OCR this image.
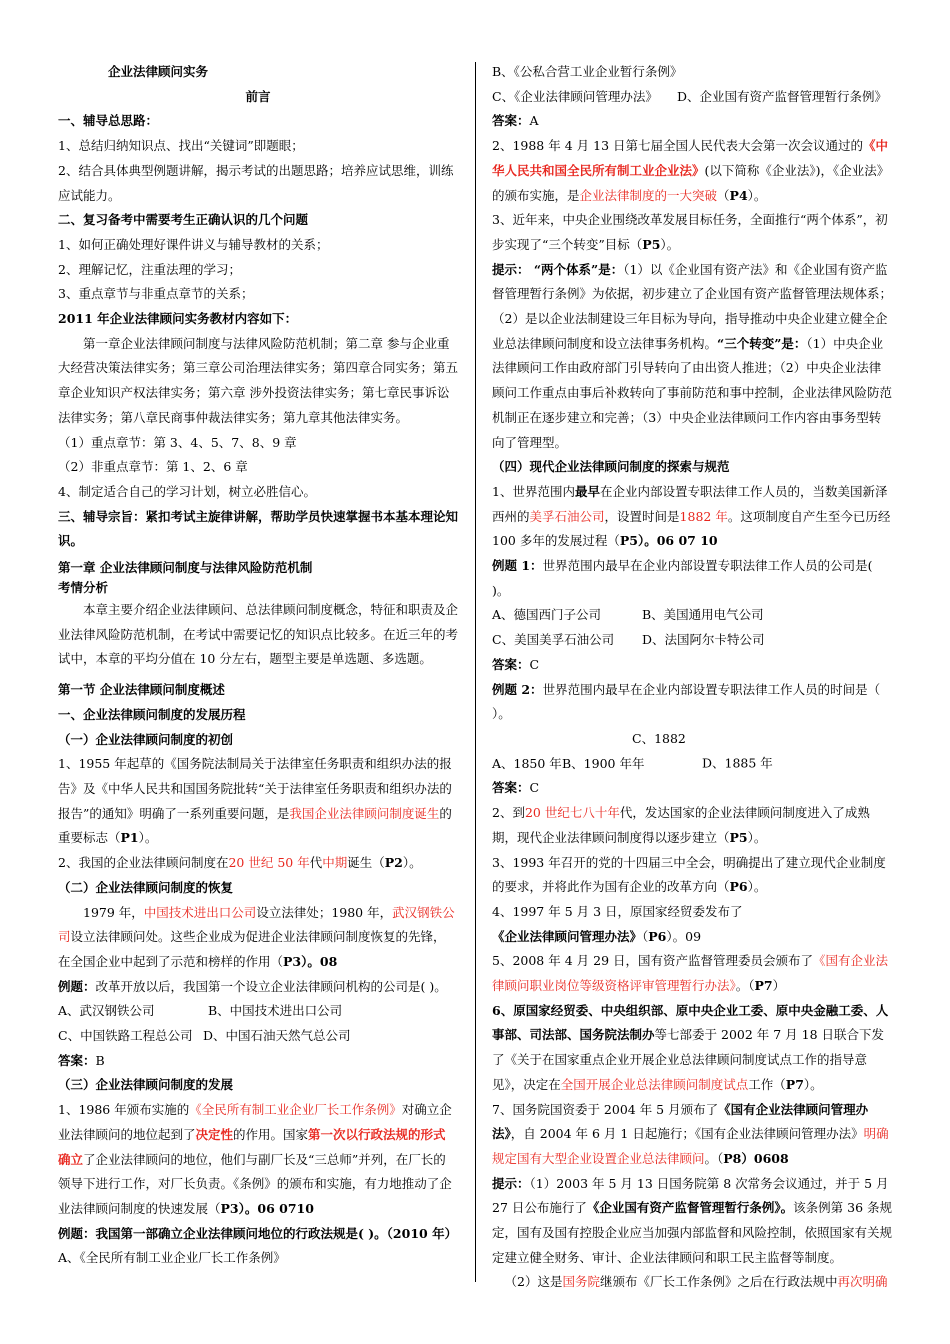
企业法律顾问实务

前言

一、辅导总思路：

1、总结归纳知识点、找出“关键词”即题眼；

2、结合具体典型例题讲解，揭示考试的出题思路；培养应试思维，训练应试能力。

二、复习备考中需要考生正确认识的几个问题

1、如何正确处理好课件讲义与辅导教材的关系；

2、理解记忆，注重法理的学习；

3、重点章节与非重点章节的关系；

2011 年企业法律顾问实务教材内容如下：

第一章企业法律顾问制度与法律风险防范机制；第二章 参与企业重大经营决策法律实务；第三章公司治理法律实务；第四章合同实务；第五章企业知识产权法律实务；第六章 涉外投资法律实务；第七章民事诉讼法律实务；第八章民商事仲裁法律实务；第九章其他法律实务。

（1）重点章节：第 3、4、5、7、8、9 章

（2）非重点章节：第 1、2、6 章

4、制定适合自己的学习计划，树立必胜信心。

三、辅导宗旨：紧扣考试主旋律讲解，帮助学员快速掌握书本基本理论知识。

第一章 企业法律顾问制度与法律风险防范机制

考情分析

本章主要介绍企业法律顾问、总法律顾问制度概念，特征和职责及企业法律风险防范机制，在考试中需要记忆的知识点比较多。在近三年的考试中，本章的平均分值在 10 分左右，题型主要是单选题、多选题。

第一节 企业法律顾问制度概述

一、企业法律顾问制度的发展历程

（一）企业法律顾问制度的初创

1、1955 年起草的《国务院法制局关于法律室任务职责和组织办法的报告》及《中华人民共和国国务院批转“关于法律室任务职责和组织办法的报告”的通知》明确了一系列重要问题，是我国企业法律顾问制度诞生的重要标志（P1）。

2、我国的企业法律顾问制度在20 世纪 50 年代中期诞生（P2）。

（二）企业法律顾问制度的恢复

1979 年，中国技术进出口公司设立法律处；1980 年，武汉钢铁公司设立法律顾问处。这些企业成为促进企业法律顾问制度恢复的先锋，在全国企业中起到了示范和榜样的作用（P3）。08

例题：改革开放以后，我国第一个设立企业法律顾问机构的公司是( )。

A、武汉钢铁公司	B、中国技术进出口公司

C、中国铁路工程总公司 D、中国石油天然气总公司

答案：B

（三）企业法律顾问制度的发展

1、1986 年颁布实施的《全民所有制工业企业厂长工作条例》对确立企业法律顾问的地位起到了决定性的作用。国家第一次以行政法规的形式确立了企业法律顾问的地位，他们与副厂长及“三总师”并列，在厂长的领导下进行工作，对厂长负责。《条例》的颁布和实施，有力地推动了企业法律顾问制度的快速发展（P3）。06 0710

例题：我国第一部确立企业法律顾问地位的行政法规是( )。（2010 年）

A、《全民所有制工业企业厂长工作条例》

B、《公私合营工业企业暂行条例》

C、《企业法律顾问管理办法》 D、企业国有资产监督管理暂行条例》

答案：A

2、1988 年 4 月 13 日第七届全国人民代表大会第一次会议通过的《中华人民共和国全民所有制工业企业法》(以下简称《企业法》)，《企业法》的颁布实施，是企业法律制度的一大突破（P4）。

3、近年来，中央企业围绕改革发展目标任务，全面推行“两个体系”，初步实现了“三个转变”目标（P5）。

提示： “两个体系”是：（1）以《企业国有资产法》和《企业国有资产监督管理暂行条例》为依据，初步建立了企业国有资产监督管理法规体系；（2）是以企业法制建设三年目标为导向，指导推动中央企业建立健全企业总法律顾问制度和设立法律事务机构。“三个转变”是：（1）中央企业法律顾问工作由政府部门引导转向了由出资人推进；（2）中央企业法律顾问工作重点由事后补救转向了事前防范和事中控制，企业法律风险防范机制正在逐步建立和完善；（3）中央企业法律顾问工作内容由事务型转向了管理型。

（四）现代企业法律顾问制度的探索与规范

1、世界范围内最早在企业内部设置专职法律工作人员的，当数美国新泽西州的美孚石油公司，设置时间是1882 年。这项制度自产生至今已历经 100 多年的发展过程（P5）。06 07 10

例题 1：世界范围内最早在企业内部设置专职法律工作人员的公司是( )。

A、德国西门子公司	B、美国通用电气公司

C、美国美孚石油公司 D、法国阿尔卡特公司

答案：C

例题 2：世界范围内最早在企业内部设置专职法律工作人员的时间是（ ）。

A、1850 年B、1900 年C、1882 年	D、1885 年

答案：C

2、到20 世纪七八十年代，发达国家的企业法律顾问制度进入了成熟期，现代企业法律顾问制度得以逐步建立（P5）。

3、1993 年召开的党的十四届三中全会，明确提出了建立现代企业制度的要求，并将此作为国有企业的改革方向（P6）。

4、1997 年 5 月 3 日，原国家经贸委发布了《企业法律顾问管理办法》（P6）。09

5、2008 年 4 月 29 日，国有资产监督管理委员会颁布了《国有企业法律顾问职业岗位等级资格评审管理暂行办法》。（P7）

6、原国家经贸委、中央组织部、原中央企业工委、原中央金融工委、人事部、司法部、国务院法制办等七部委于 2002 年 7 月 18 日联合下发了《关于在国家重点企业开展企业总法律顾问制度试点工作的指导意见》，决定在全国开展企业总法律顾问制度试点工作（P7）。

7、国务院国资委于 2004 年 5 月颁布了《国有企业法律顾问管理办法》，自 2004 年 6 月 1 日起施行；《国有企业法律顾问管理办法》明确规定国有大型企业设置企业总法律顾问。（P8）0608

提示：（1）2003 年 5 月 13 日国务院第 8 次常务会议通过，并于 5 月 27 日公布施行了《企业国有资产监督管理暂行条例》。该条例第 36 条规定，国有及国有控股企业应当加强内部监督和风险控制，依照国家有关规定建立健全财务、审计、企业法律顾问和职工民主监督等制度。

（2）这是国务院继颁布《厂长工作条例》之后在行政法规中再次明确
